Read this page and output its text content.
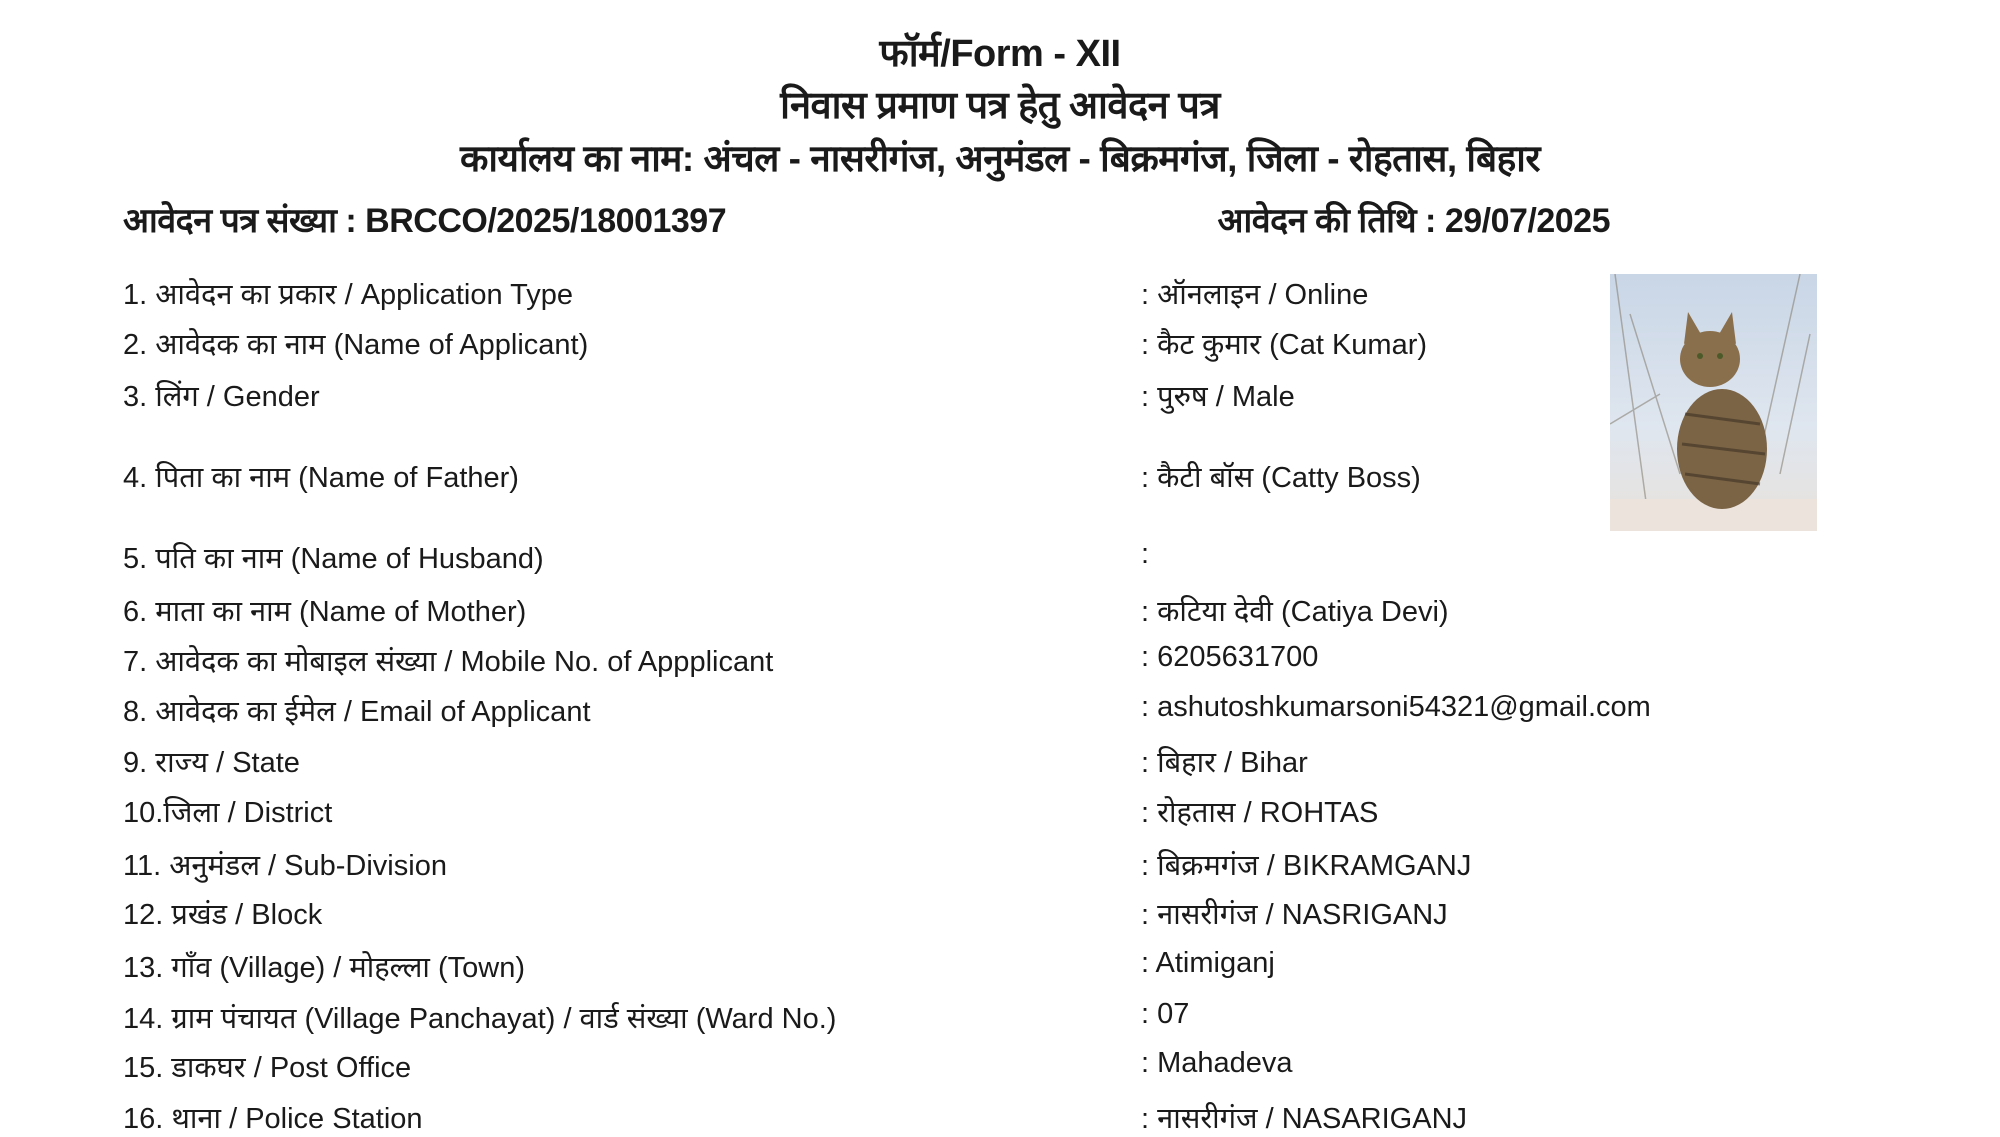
फॉर्म/Form - XII
निवास प्रमाण पत्र हेतु आवेदन पत्र
कार्यालय का नाम: अंचल - नासरीगंज, अनुमंडल - बिक्रमगंज, जिला - रोहतास, बिहार
आवेदन पत्र संख्या : BRCCO/2025/18001397	आवेदन की तिथि : 29/07/2025
1. आवेदन का प्रकार / Application Type	: ऑनलाइन / Online
2. आवेदक का नाम (Name of Applicant)	: कैट कुमार (Cat Kumar)
3. लिंग / Gender	: पुरुष / Male
4. पिता का नाम (Name of Father)	: कैटी बॉस (Catty Boss)
5. पति का नाम (Name of Husband)	:
6. माता का नाम (Name of Mother)	: कटिया देवी (Catiya Devi)
7. आवेदक का मोबाइल संख्या / Mobile No. of Appplicant	: 6205631700
8. आवेदक का ईमेल / Email of Applicant	: ashutoshkumarsoni54321@gmail.com
9. राज्य / State	: बिहार / Bihar
10.जिला / District	: रोहतास / ROHTAS
11. अनुमंडल / Sub-Division	: बिक्रमगंज / BIKRAMGANJ
12. प्रखंड / Block	: नासरीगंज / NASRIGANJ
13. गाँव (Village) / मोहल्ला (Town)	: Atimiganj
14. ग्राम पंचायत (Village Panchayat) / वार्ड संख्या (Ward No.)	: 07
15. डाकघर / Post Office	: Mahadeva
16. थाना / Police Station	: नासरीगंज / NASARIGANJ
